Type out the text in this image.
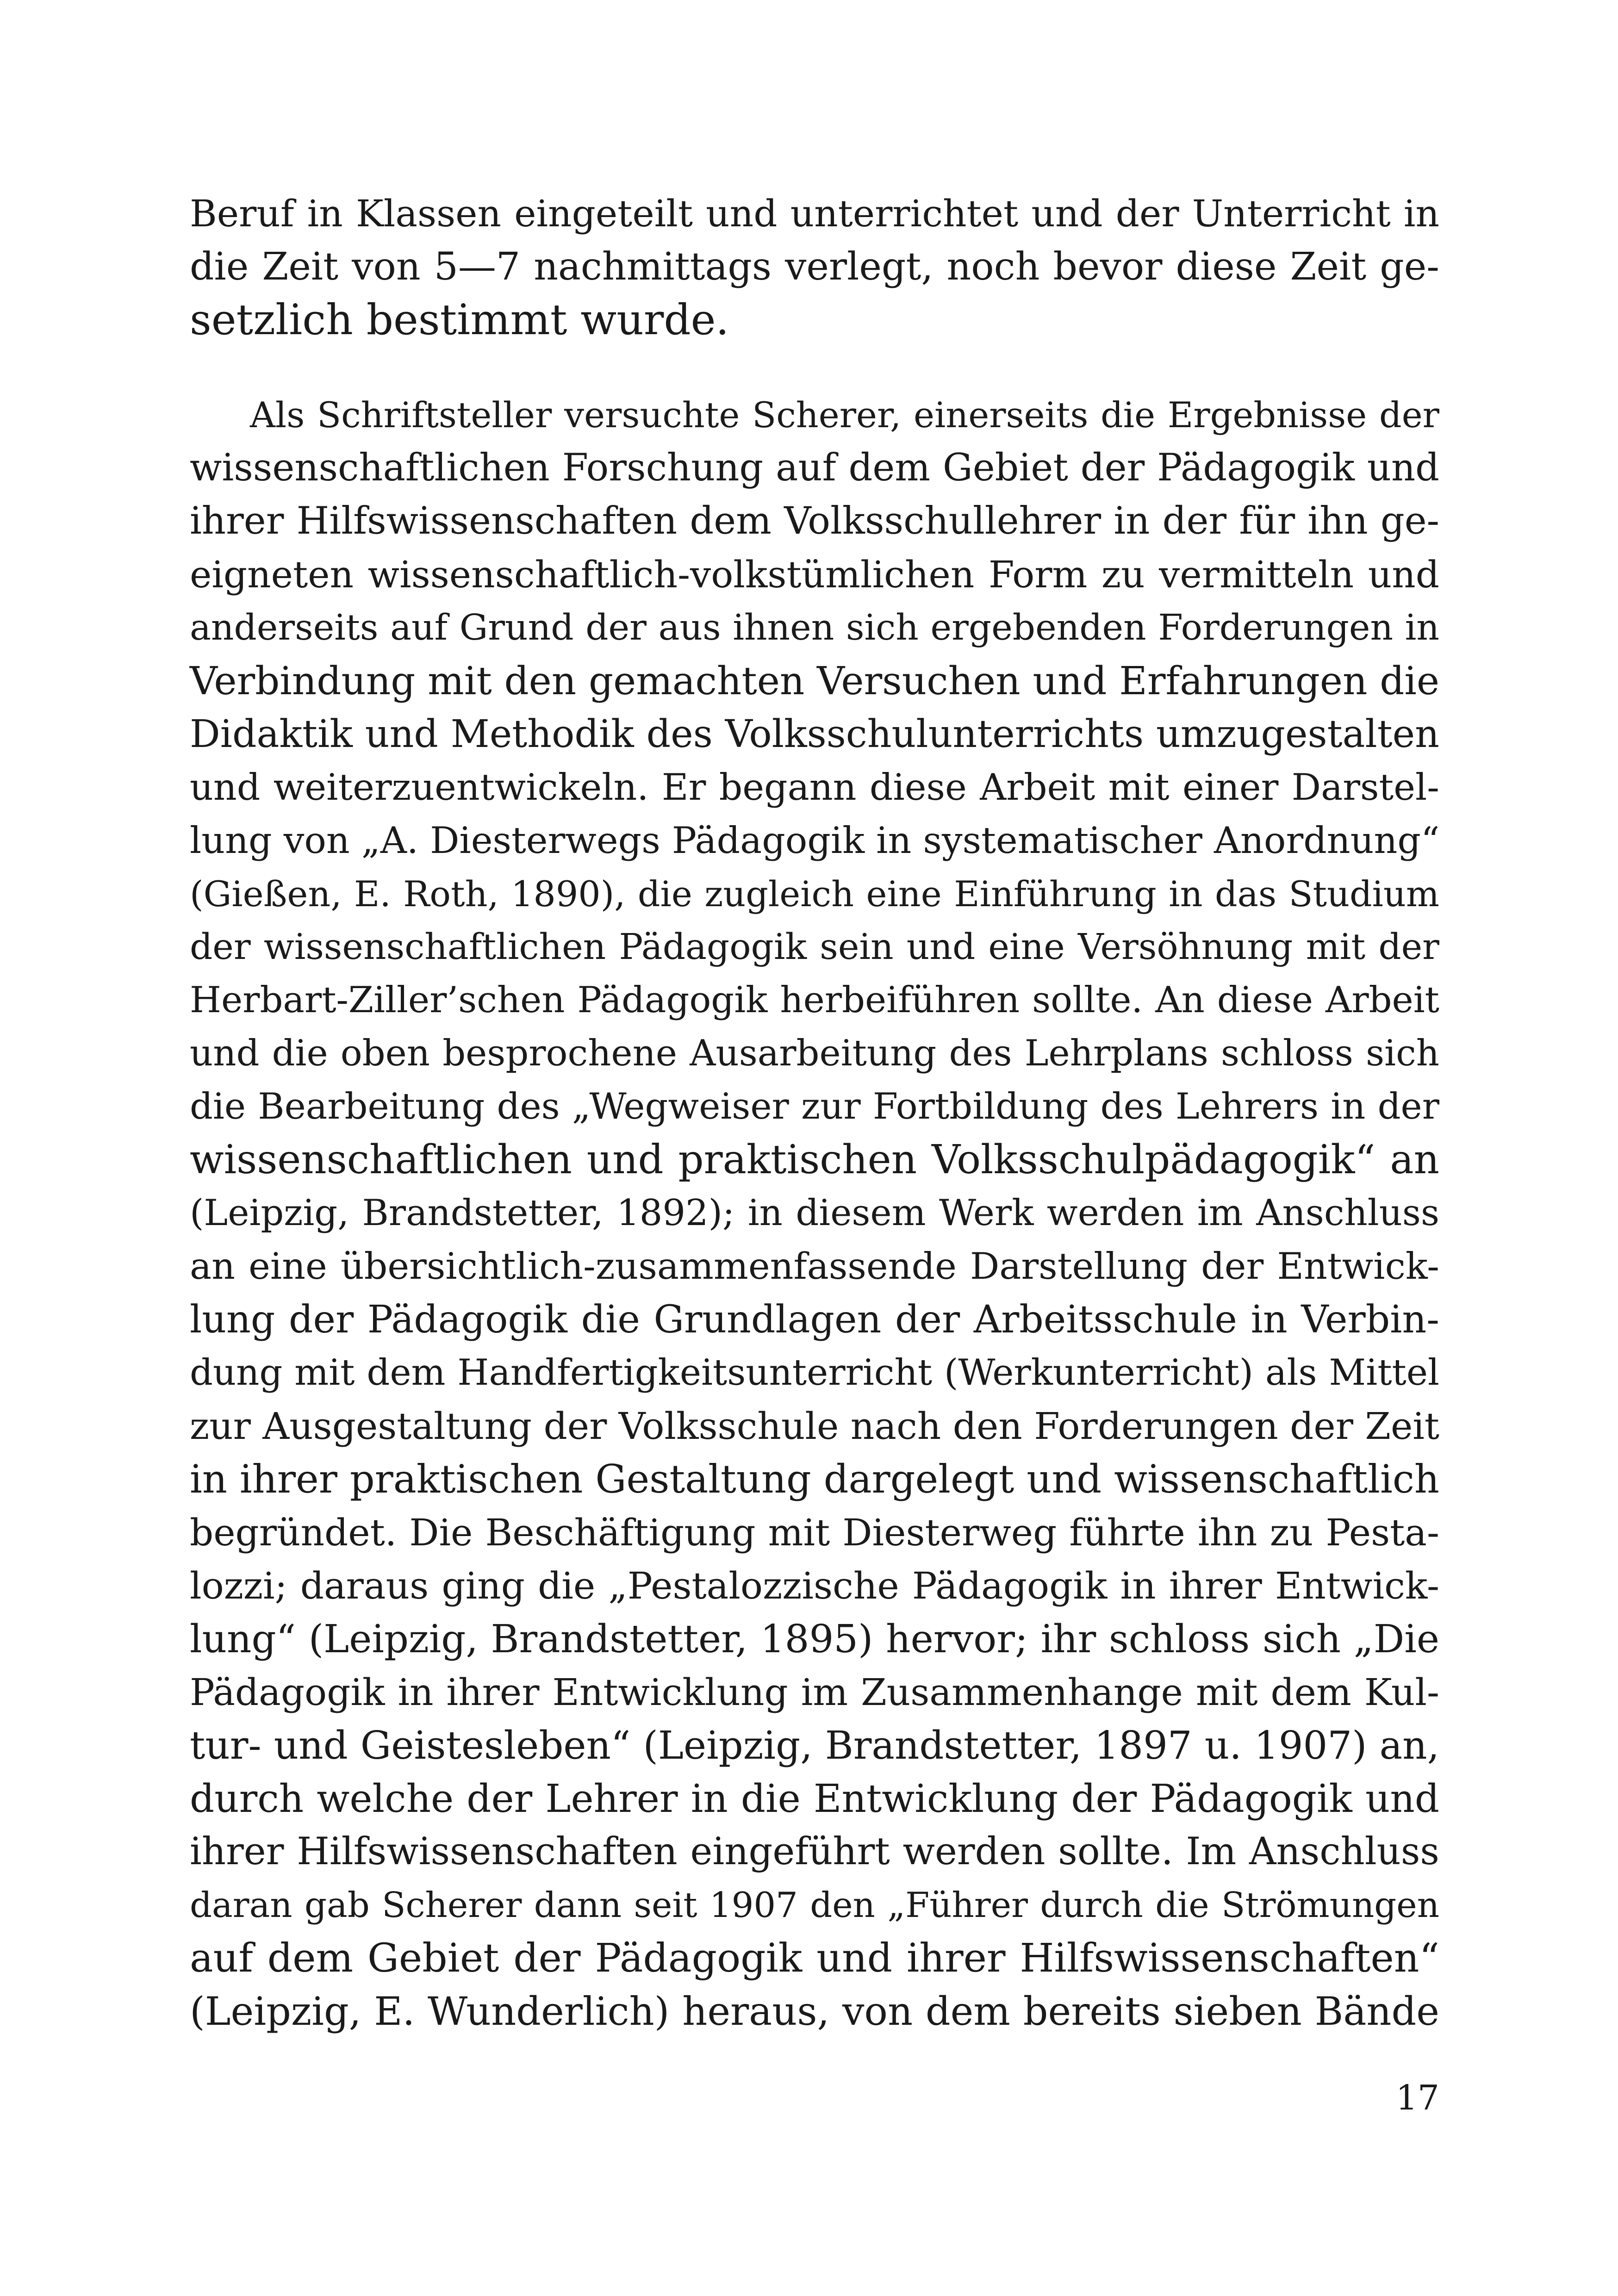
Beruf in Klassen eingeteilt und unterrichtet und der Unterricht in
die Zeit von 5—7 nachmittags verlegt, noch bevor diese Zeit ge-
setzlich bestimmt wurde.
Als Schriftsteller versuchte Scherer, einerseits die Ergebnisse der
wissenschaftlichen Forschung auf dem Gebiet der Pädagogik und
ihrer Hilfswissenschaften dem Volksschullehrer in der für ihn ge-
eigneten wissenschaftlich-volkstümlichen Form zu vermitteln und
anderseits auf Grund der aus ihnen sich ergebenden Forderungen in
Verbindung mit den gemachten Versuchen und Erfahrungen die
Didaktik und Methodik des Volksschulunterrichts umzugestalten
und weiterzuentwickeln. Er begann diese Arbeit mit einer Darstel-
lung von „A. Diesterwegs Pädagogik in systematischer Anordnung“
(Gießen, E. Roth, 1890), die zugleich eine Einführung in das Studium
der wissenschaftlichen Pädagogik sein und eine Versöhnung mit der
Herbart-Ziller’schen Pädagogik herbeiführen sollte. An diese Arbeit
und die oben besprochene Ausarbeitung des Lehrplans schloss sich
die Bearbeitung des „Wegweiser zur Fortbildung des Lehrers in der
wissenschaftlichen und praktischen Volksschulpädagogik“ an
(Leipzig, Brandstetter, 1892); in diesem Werk werden im Anschluss
an eine übersichtlich-zusammenfassende Darstellung der Entwick-
lung der Pädagogik die Grundlagen der Arbeitsschule in Verbin-
dung mit dem Handfertigkeitsunterricht (Werkunterricht) als Mittel
zur Ausgestaltung der Volksschule nach den Forderungen der Zeit
in ihrer praktischen Gestaltung dargelegt und wissenschaftlich
begründet. Die Beschäftigung mit Diesterweg führte ihn zu Pesta-
lozzi; daraus ging die „Pestalozzische Pädagogik in ihrer Entwick-
lung“ (Leipzig, Brandstetter, 1895) hervor; ihr schloss sich „Die
Pädagogik in ihrer Entwicklung im Zusammenhange mit dem Kul-
tur- und Geistesleben“ (Leipzig, Brandstetter, 1897 u. 1907) an,
durch welche der Lehrer in die Entwicklung der Pädagogik und
ihrer Hilfswissenschaften eingeführt werden sollte. Im Anschluss
daran gab Scherer dann seit 1907 den „Führer durch die Strömungen
auf dem Gebiet der Pädagogik und ihrer Hilfswissenschaften“
(Leipzig, E. Wunderlich) heraus, von dem bereits sieben Bände
17
